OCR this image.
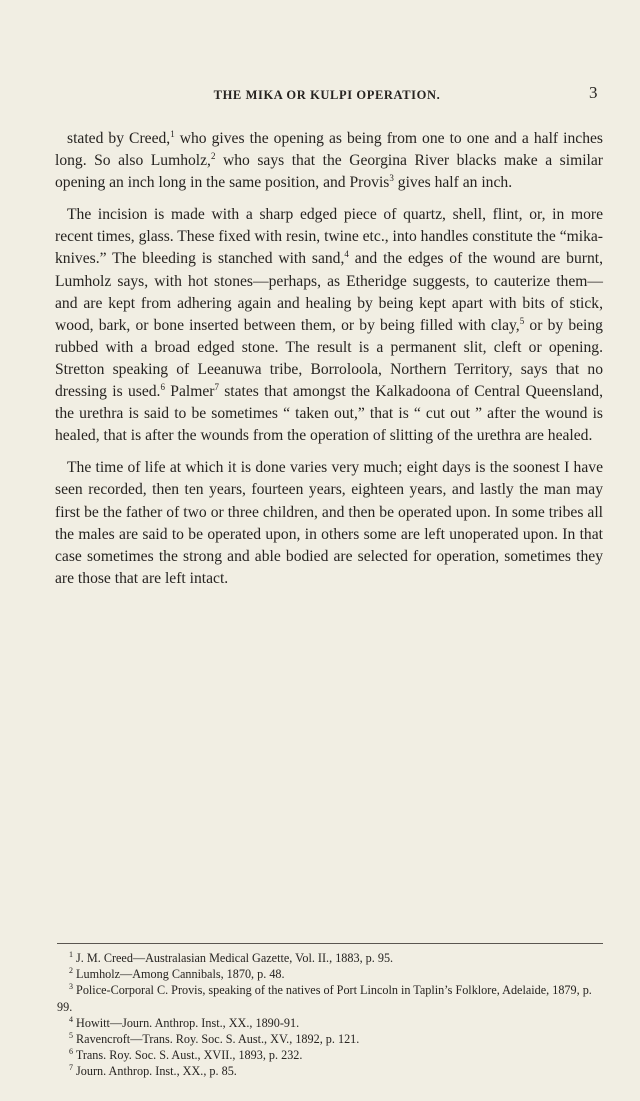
THE MIKA OR KULPI OPERATION.	3

stated by Creed,$^1$ who gives the opening as being from one to one and a half inches long. So also Lumholz,$^2$ who says that the Georgina River blacks make a similar opening an inch long in the same position, and Provis$^3$ gives half an inch.

The incision is made with a sharp edged piece of quartz, shell, flint, or, in more recent times, glass. These fixed with resin, twine etc., into handles constitute the “mika-knives.” The bleeding is stanched with sand,$^4$ and the edges of the wound are burnt, Lumholz says, with hot stones—perhaps, as Etheridge suggests, to cauterize them—and are kept from adhering again and healing by being kept apart with bits of stick, wood, bark, or bone inserted between them, or by being filled with clay,$^5$ or by being rubbed with a broad edged stone. The result is a permanent slit, cleft or opening. Stretton speaking of Leeanuwa tribe, Borroloola, Northern Territory, says that no dressing is used.$^6$ Palmer$^7$ states that amongst the Kalkadoona of Central Queensland, the urethra is said to be sometimes “ taken out,” that is “ cut out ” after the wound is healed, that is after the wounds from the operation of slitting of the urethra are healed.

The time of life at which it is done varies very much; eight days is the soonest I have seen recorded, then ten years, fourteen years, eighteen years, and lastly the man may first be the father of two or three children, and then be operated upon. In some tribes all the males are said to be operated upon, in others some are left unoperated upon. In that case sometimes the strong and able bodied are selected for operation, sometimes they are those that are left intact.

$^1$ J. M. Creed—Australasian Medical Gazette, Vol. II., 1883, p. 95.

$^2$ Lumholz—Among Cannibals, 1870, p. 48.

$^3$ Police-Corporal C. Provis, speaking of the natives of Port Lincoln in Taplin’s Folklore, Adelaide, 1879, p. 99.

$^4$ Howitt—Journ. Anthrop. Inst., XX., 1890-91.

$^5$ Ravencroft—Trans. Roy. Soc. S. Aust., XV., 1892, p. 121.

$^6$ Trans. Roy. Soc. S. Aust., XVII., 1893, p. 232.

$^7$ Journ. Anthrop. Inst., XX., p. 85.
